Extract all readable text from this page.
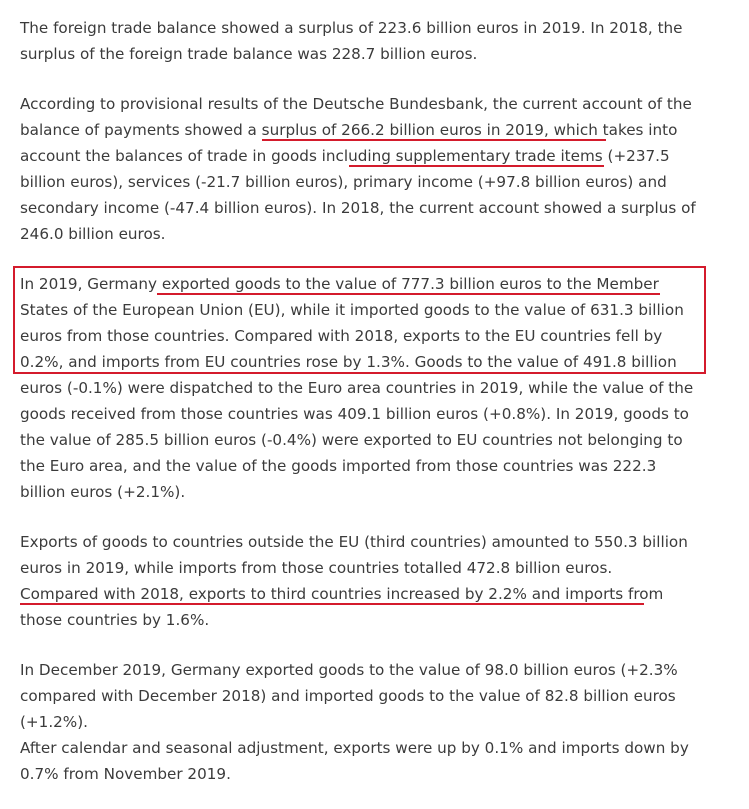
The foreign trade balance showed a surplus of 223.6 billion euros in 2019. In 2018, the
surplus of the foreign trade balance was 228.7 billion euros.
According to provisional results of the Deutsche Bundesbank, the current account of the
balance of payments showed a surplus of 266.2 billion euros in 2019, which takes into
account the balances of trade in goods including supplementary trade items (+237.5
billion euros), services (-21.7 billion euros), primary income (+97.8 billion euros) and
secondary income (-47.4 billion euros). In 2018, the current account showed a surplus of
246.0 billion euros.
In 2019, Germany exported goods to the value of 777.3 billion euros to the Member
States of the European Union (EU), while it imported goods to the value of 631.3 billion
euros from those countries. Compared with 2018, exports to the EU countries fell by
0.2%, and imports from EU countries rose by 1.3%. Goods to the value of 491.8 billion
euros (-0.1%) were dispatched to the Euro area countries in 2019, while the value of the
goods received from those countries was 409.1 billion euros (+0.8%). In 2019, goods to
the value of 285.5 billion euros (-0.4%) were exported to EU countries not belonging to
the Euro area, and the value of the goods imported from those countries was 222.3
billion euros (+2.1%).
Exports of goods to countries outside the EU (third countries) amounted to 550.3 billion
euros in 2019, while imports from those countries totalled 472.8 billion euros.
Compared with 2018, exports to third countries increased by 2.2% and imports from
those countries by 1.6%.
In December 2019, Germany exported goods to the value of 98.0 billion euros (+2.3%
compared with December 2018) and imported goods to the value of 82.8 billion euros
(+1.2%).
After calendar and seasonal adjustment, exports were up by 0.1% and imports down by
0.7% from November 2019.
